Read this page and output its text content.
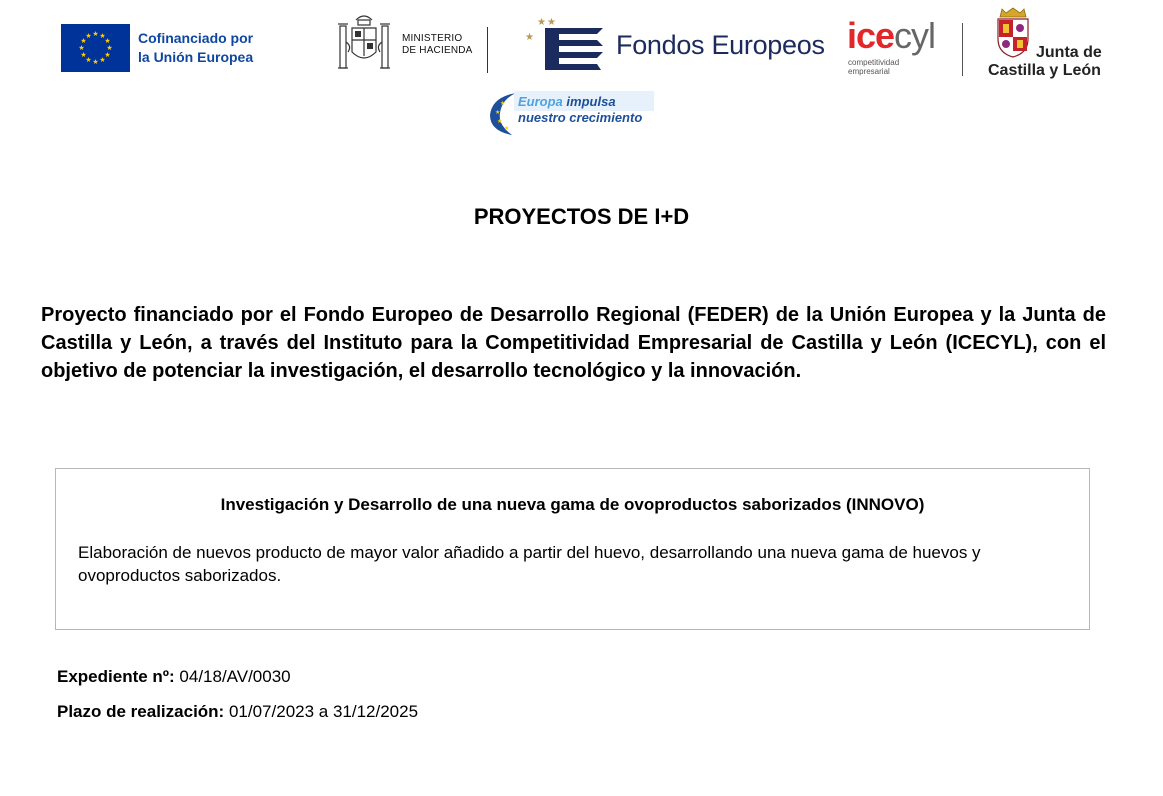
★ ★
★
★
★
★
★
★
★
★
★
★	Cofinanciado por
la Unión Europea
MINISTERIO
DE HACIENDA
★ ★
★	Fondos Europeos icecyl
competitividad
empresarial
Junta de
Castilla y León
★
★
★
★
Europa impulsa
nuestro crecimiento
PROYECTOS DE I+D
Proyecto financiado por el Fondo Europeo de Desarrollo Regional (FEDER) de la Unión Europea y la Junta de Castilla y León, a través del Instituto para la Competitividad Empresarial de Castilla y León (ICECYL), con el objetivo de potenciar la investigación, el desarrollo tecnológico y la innovación.
Investigación y Desarrollo de una nueva gama de ovoproductos saborizados (INNOVO)
Elaboración de nuevos producto de mayor valor añadido a partir del huevo, desarrollando una nueva gama de huevos y ovoproductos saborizados.
Expediente nº: 04/18/AV/0030
Plazo de realización: 01/07/2023 a 31/12/2025
